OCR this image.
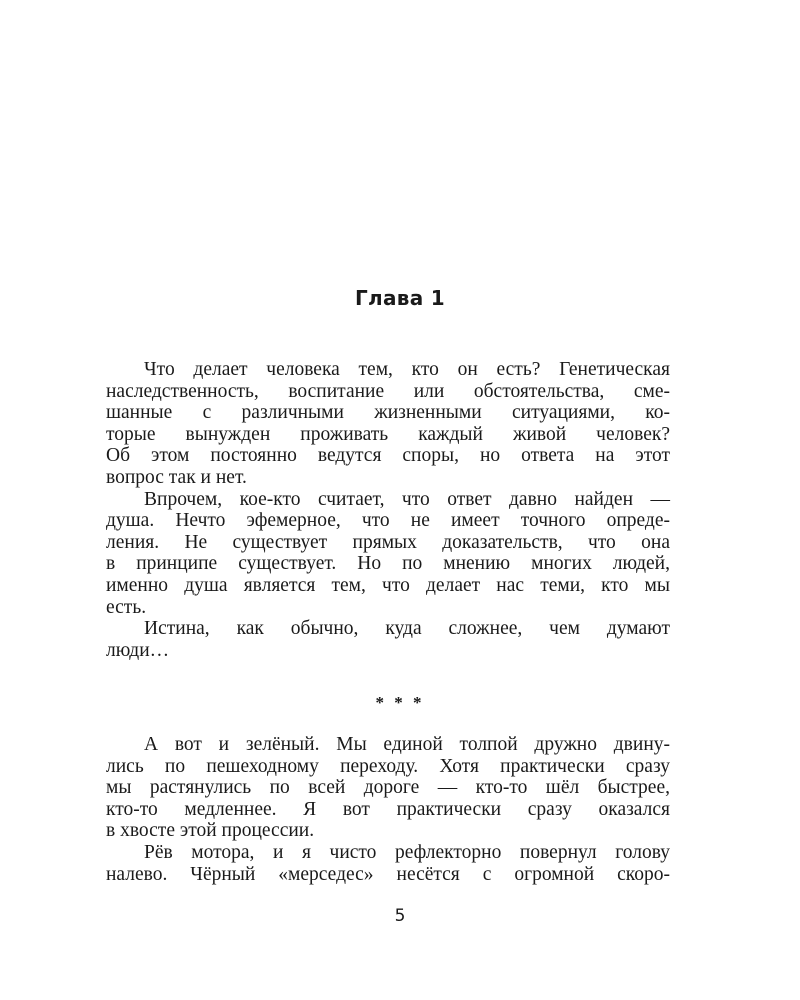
Глава 1

Что делает человека тем, кто он есть? Генетическая
наследственность, воспитание или обстоятельства, сме-
шанные с различными жизненными ситуациями, ко-
торые вынужден проживать каждый живой человек?
Об этом постоянно ведутся споры, но ответа на этот
вопрос так и нет.

Впрочем, кое-кто считает, что ответ давно найден —
душа. Нечто эфемерное, что не имеет точного опреде-
ления. Не существует прямых доказательств, что она
в принципе существует. Но по мнению многих людей,
именно душа является тем, что делает нас теми, кто мы
есть.

Истина, как обычно, куда сложнее, чем думают
люди…

* * *

А вот и зелёный. Мы единой толпой дружно двину-
лись по пешеходному переходу. Хотя практически сразу
мы растянулись по всей дороге — кто-то шёл быстрее,
кто-то медленнее. Я вот практически сразу оказался
в хвосте этой процессии.

Рёв мотора, и я чисто рефлекторно повернул голову
налево. Чёрный «мерседес» несётся с огромной скоро-

5
